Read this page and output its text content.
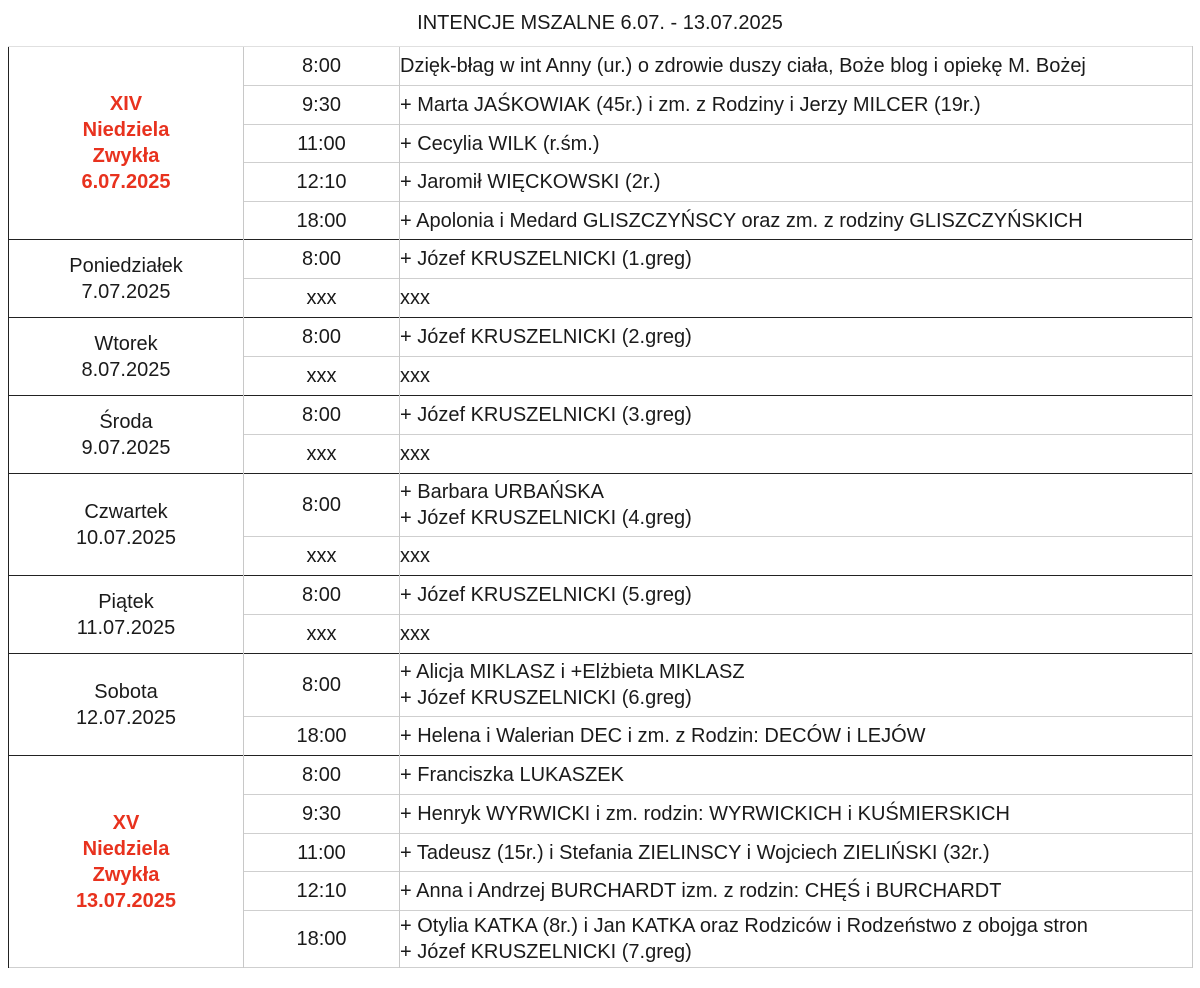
INTENCJE MSZALNE 6.07. - 13.07.2025
XIV
Niedziela
Zwykła
6.07.2025	8:00	Dzięk-błag w int Anny (ur.) o zdrowie duszy ciała, Boże blog i opiekę M. Bożej

	9:30	+ Marta JAŚKOWIAK (45r.) i zm. z Rodziny i Jerzy MILCER (19r.)

	11:00	+ Cecylia WILK (r.śm.)

	12:10	+ Jaromił WIĘCKOWSKI (2r.)

	18:00	+ Apolonia i Medard GLISZCZYŃSCY oraz zm. z rodziny GLISZCZYŃSKICH

Poniedziałek
7.07.2025	8:00	+ Józef KRUSZELNICKI (1.greg)

	xxx	xxx

Wtorek
8.07.2025	8:00	+ Józef KRUSZELNICKI (2.greg)

	xxx	xxx

Środa
9.07.2025	8:00	+ Józef KRUSZELNICKI (3.greg)

	xxx	xxx

Czwartek
10.07.2025	8:00	+ Barbara URBAŃSKA
+ Józef KRUSZELNICKI (4.greg)

	xxx	xxx

Piątek
11.07.2025	8:00	+ Józef KRUSZELNICKI (5.greg)

	xxx	xxx

Sobota
12.07.2025	8:00	+ Alicja MIKLASZ i +Elżbieta MIKLASZ
+ Józef KRUSZELNICKI (6.greg)

	18:00	+ Helena i Walerian DEC i zm. z Rodzin: DECÓW i LEJÓW

XV
Niedziela
Zwykła
13.07.2025	8:00	+ Franciszka LUKASZEK

	9:30	+ Henryk WYRWICKI i zm. rodzin: WYRWICKICH i KUŚMIERSKICH

	11:00	+ Tadeusz (15r.) i Stefania ZIELINSCY i Wojciech ZIELIŃSKI (32r.)

	12:10	+ Anna i Andrzej BURCHARDT izm. z rodzin: CHĘŚ i BURCHARDT

	18:00	+ Otylia KATKA (8r.) i Jan KATKA oraz Rodziców i Rodzeństwo z obojga stron
+ Józef KRUSZELNICKI (7.greg)
